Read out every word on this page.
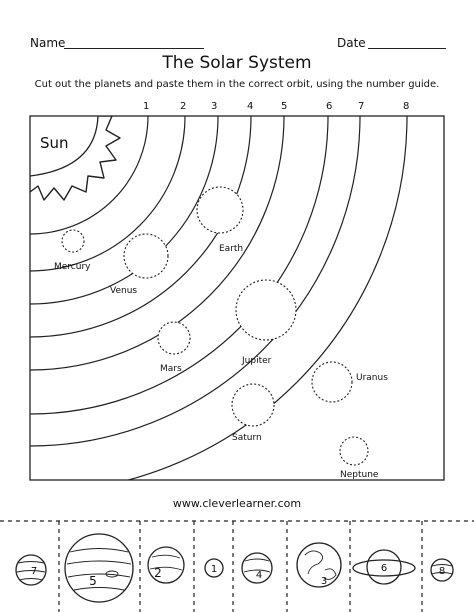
Name	Date
The Solar System
Cut out the planets and paste them in the correct orbit, using the number guide.
1	2 3	4	5	6	7	8
Sun
Mercury
Venus
Earth
Mars
Jupiter
Saturn
Uranus
Neptune
www.cleverlearner.com
7
5
2	1
4
3
6	8
